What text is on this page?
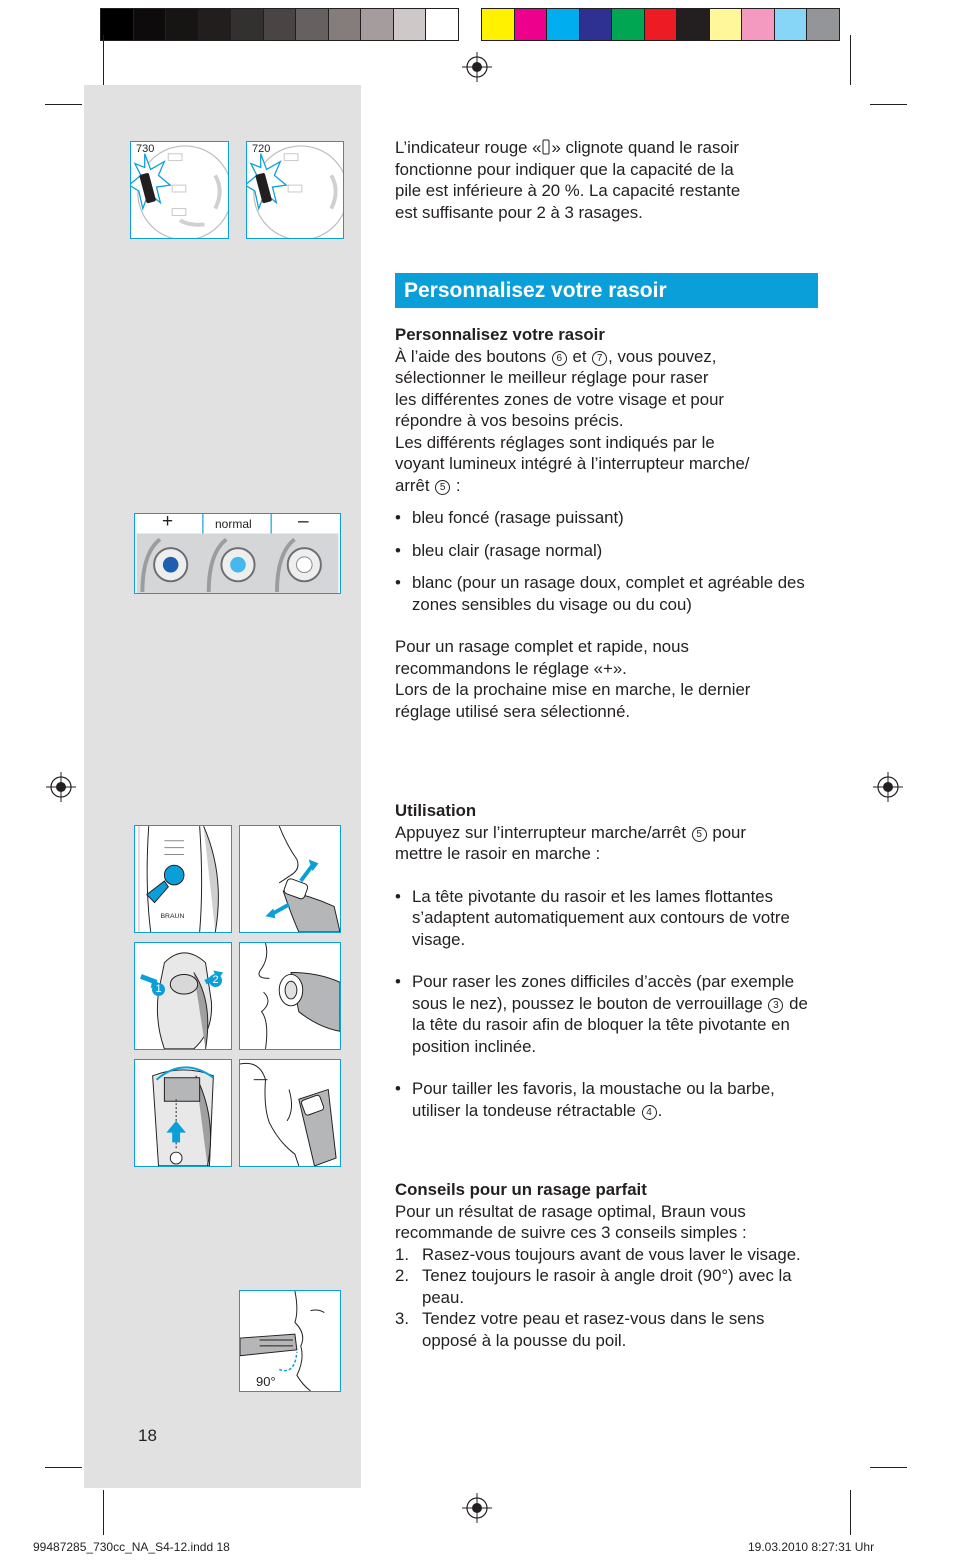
730	720
+	normal –
BRAUN
1
2
90°
L’indicateur rouge « » clignote quand le rasoir
fonctionne pour indiquer que la capacité de la
pile est inférieure à 20 %. La capacité restante
est suffisante pour 2 à 3 rasages.
Personnalisez votre rasoir
Personnalisez votre rasoir
À l’aide des boutons 6 et 7 , vous pouvez,
sélectionner le meilleur réglage pour raser
les différentes zones de votre visage et pour
répondre à vos besoins précis.
Les différents réglages sont indiqués par le
voyant lumineux intégré à l’interrupteur marche/
arrêt 5 :
• bleu foncé (rasage puissant)
• bleu clair (rasage normal)
• blanc (pour un rasage doux, complet et agréable des zones sensibles du visage ou du cou)
Pour un rasage complet et rapide, nous
recommandons le réglage «+».
Lors de la prochaine mise en marche, le dernier
réglage utilisé sera sélectionné.
Utilisation
Appuyez sur l’interrupteur marche/arrêt 5 pour
mettre le rasoir en marche :
• La tête pivotante du rasoir et les lames flottantes s’adaptent automatiquement aux contours de votre visage.
• Pour raser les zones difficiles d’accès (par exemple sous le nez), poussez le bouton de verrouillage 3 de la tête du rasoir afin de bloquer la tête pivotante en position inclinée.
• Pour tailler les favoris, la moustache ou la barbe, utiliser la tondeuse rétractable 4 .
Conseils pour un rasage parfait
Pour un résultat de rasage optimal, Braun vous
recommande de suivre ces 3 conseils simples :
1. Rasez-vous toujours avant de vous laver le visage.
2. Tenez toujours le rasoir à angle droit (90°) avec la peau.
3. Tendez votre peau et rasez-vous dans le sens opposé à la pousse du poil.
18
99487285_730cc_NA_S4-12.indd 18	19.03.2010 8:27:31 Uhr
